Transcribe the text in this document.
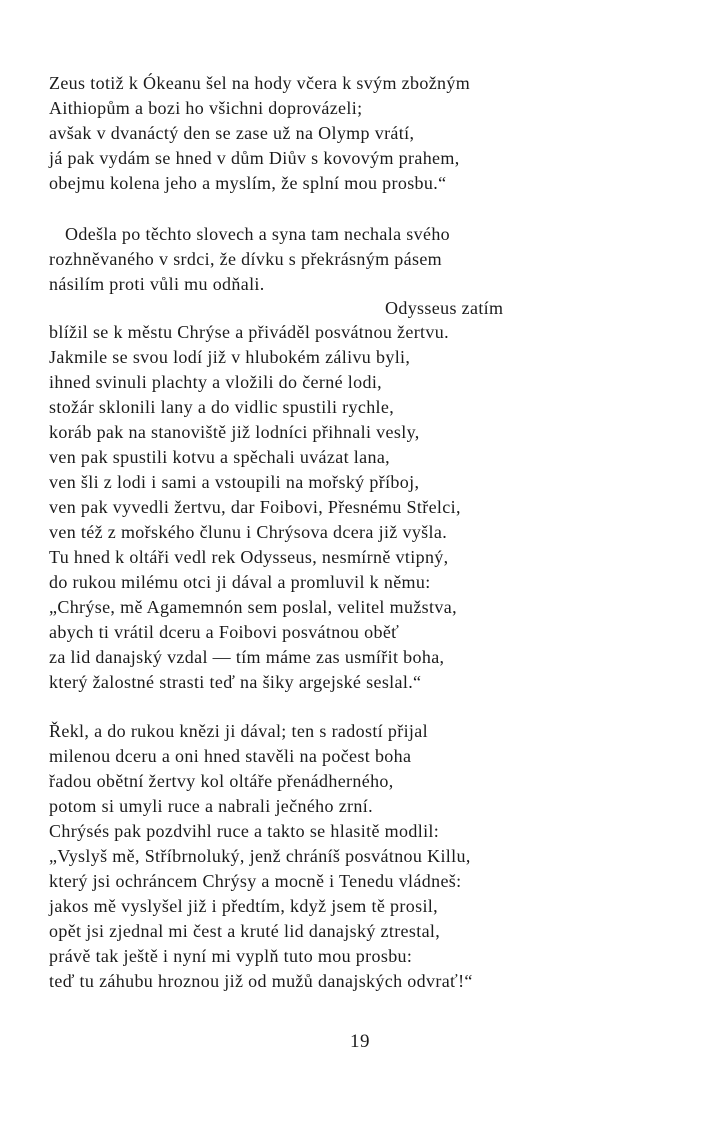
Zeus totiž k Ókeanu šel na hody včera k svým zbožným
Aithiopům a bozi ho všichni doprovázeli;
avšak v dvanáctý den se zase už na Olymp vrátí,
já pak vydám se hned v dům Diův s kovovým prahem,
obejmu kolena jeho a myslím, že splní mou prosbu.“
Odešla po těchto slovech a syna tam nechala svého
rozhněvaného v srdci, že dívku s překrásným pásem
násilím proti vůli mu odňali.
Odysseus zatím
blížil se k městu Chrýse a přiváděl posvátnou žertvu.
Jakmile se svou lodí již v hlubokém zálivu byli,
ihned svinuli plachty a vložili do černé lodi,
stožár sklonili lany a do vidlic spustili rychle,
koráb pak na stanoviště již lodníci přihnali vesly,
ven pak spustili kotvu a spěchali uvázat lana,
ven šli z lodi i sami a vstoupili na mořský příboj,
ven pak vyvedli žertvu, dar Foibovi, Přesnému Střelci,
ven též z mořského člunu i Chrýsova dcera již vyšla.
Tu hned k oltáři vedl rek Odysseus, nesmírně vtipný,
do rukou milému otci ji dával a promluvil k němu:
„Chrýse, mě Agamemnón sem poslal, velitel mužstva,
abych ti vrátil dceru a Foibovi posvátnou oběť
za lid danajský vzdal — tím máme zas usmířit boha,
který žalostné strasti teď na šiky argejské seslal.“
Řekl, a do rukou knězi ji dával; ten s radostí přijal
milenou dceru a oni hned stavěli na počest boha
řadou obětní žertvy kol oltáře přenádherného,
potom si umyli ruce a nabrali ječného zrní.
Chrýsés pak pozdvihl ruce a takto se hlasitě modlil:
„Vyslyš mě, Stříbrnoluký, jenž chráníš posvátnou Killu,
který jsi ochráncem Chrýsy a mocně i Tenedu vládneš:
jakos mě vyslyšel již i předtím, když jsem tě prosil,
opět jsi zjednal mi čest a kruté lid danajský ztrestal,
právě tak ještě i nyní mi vyplň tuto mou prosbu:
teď tu záhubu hroznou již od mužů danajských odvrať!“
19
